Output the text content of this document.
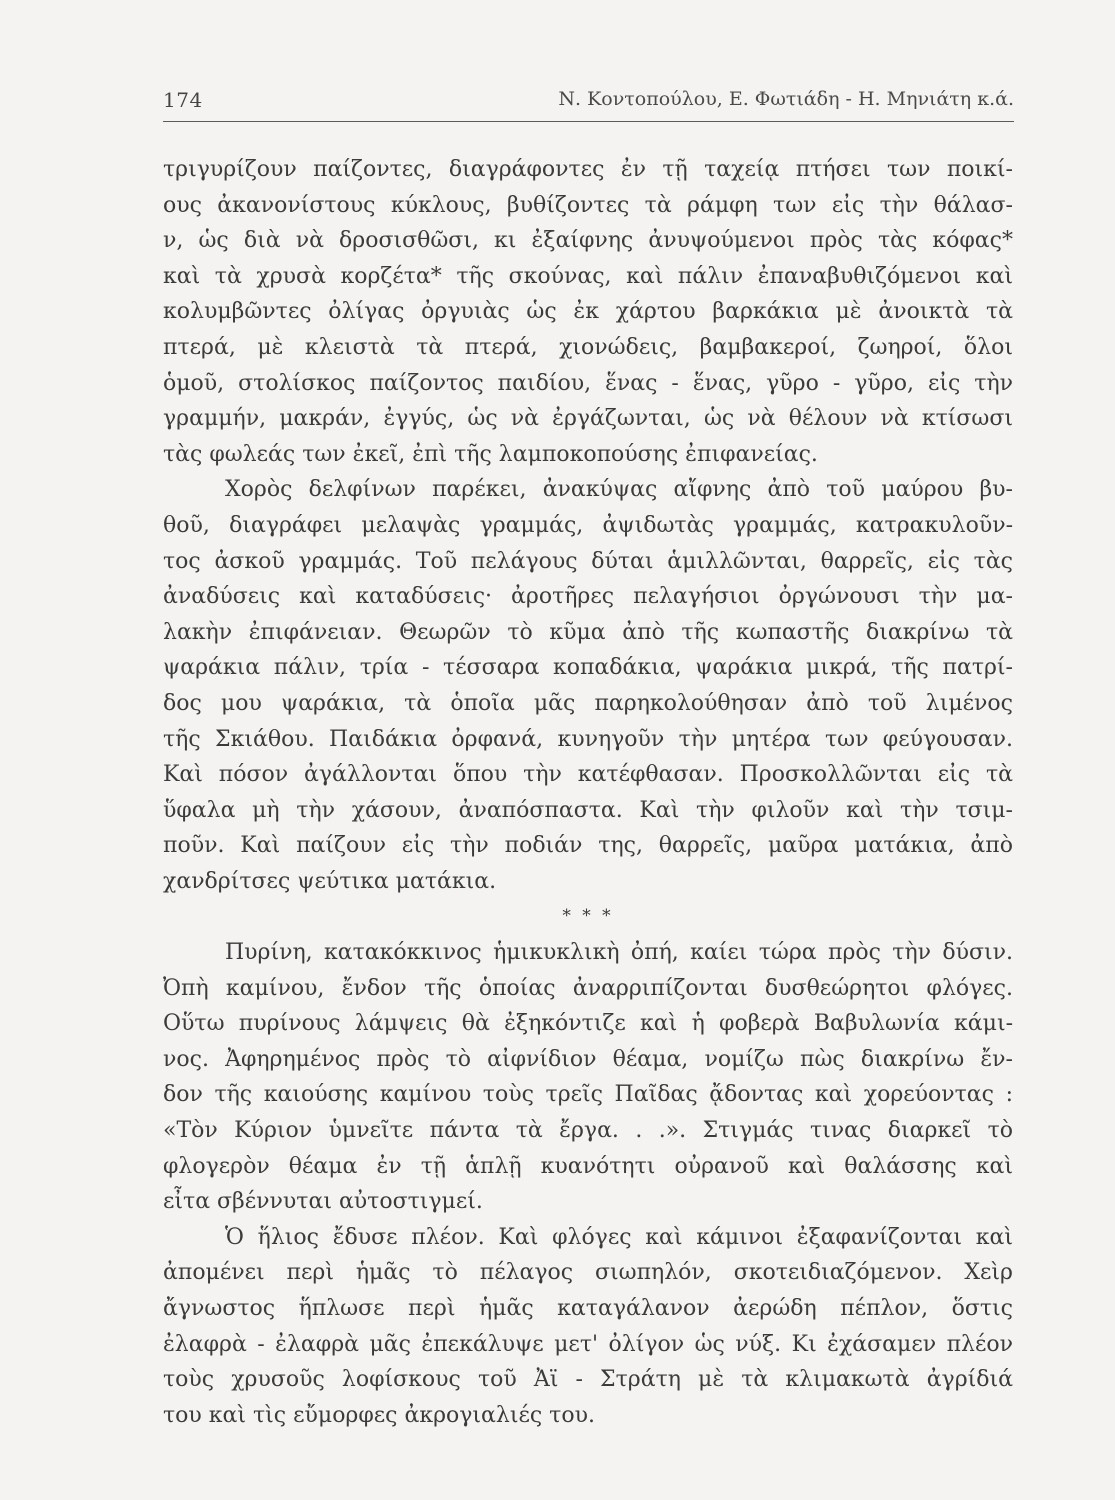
174	Ν. Κοντοπούλου, Ε. Φωτιάδη - Η. Μηνιάτη κ.ά.
τριγυρίζουν παίζοντες, διαγράφοντες ἐν τῇ ταχείᾳ πτήσει των ποικί-
ους ἀκανονίστους κύκλους, βυθίζοντες τὰ ράμφη των εἰς τὴν θάλασ-
ν, ὡς διὰ νὰ δροσισθῶσι, κι ἐξαίφνης ἀνυψούμενοι πρὸς τὰς κόφας*
καὶ τὰ χρυσὰ κορζέτα* τῆς σκούνας, καὶ πάλιν ἐπαναβυθιζόμενοι καὶ
κολυμβῶντες ὀλίγας ὀργυιὰς ὡς ἐκ χάρτου βαρκάκια μὲ ἀνοικτὰ τὰ
πτερά, μὲ κλειστὰ τὰ πτερά, χιονώδεις, βαμβακεροί, ζωηροί, ὅλοι
ὁμοῦ, στολίσκος παίζοντος παιδίου, ἕνας - ἕνας, γῦρο - γῦρο, εἰς τὴν
γραμμήν, μακράν, ἐγγύς, ὡς νὰ ἐργάζωνται, ὡς νὰ θέλουν νὰ κτίσωσι
τὰς φωλεάς των ἐκεῖ, ἐπὶ τῆς λαμποκοπούσης ἐπιφανείας.
Χορὸς δελφίνων παρέκει, ἀνακύψας αἴφνης ἀπὸ τοῦ μαύρου βυ-
θοῦ, διαγράφει μελαψὰς γραμμάς, ἀψιδωτὰς γραμμάς, κατρακυλοῦν-
τος ἀσκοῦ γραμμάς. Τοῦ πελάγους δύται ἁμιλλῶνται, θαρρεῖς, εἰς τὰς
ἀναδύσεις καὶ καταδύσεις· ἀροτῆρες πελαγήσιοι ὀργώνουσι τὴν μα-
λακὴν ἐπιφάνειαν. Θεωρῶν τὸ κῦμα ἀπὸ τῆς κωπαστῆς διακρίνω τὰ
ψαράκια πάλιν, τρία - τέσσαρα κοπαδάκια, ψαράκια μικρά, τῆς πατρί-
δος μου ψαράκια, τὰ ὁποῖα μᾶς παρηκολούθησαν ἀπὸ τοῦ λιμένος
τῆς Σκιάθου. Παιδάκια ὀρφανά, κυνηγοῦν τὴν μητέρα των φεύγουσαν.
Καὶ πόσον ἀγάλλονται ὅπου τὴν κατέφθασαν. Προσκολλῶνται εἰς τὰ
ὕφαλα μὴ τὴν χάσουν, ἀναπόσπαστα. Καὶ τὴν φιλοῦν καὶ τὴν τσιμ-
ποῦν. Καὶ παίζουν εἰς τὴν ποδιάν της, θαρρεῖς, μαῦρα ματάκια, ἀπὸ
χανδρίτσες ψεύτικα ματάκια.
* * *
Πυρίνη, κατακόκκινος ἡμικυκλικὴ ὀπή, καίει τώρα πρὸς τὴν δύσιν.
Ὀπὴ καμίνου, ἔνδον τῆς ὁποίας ἀναρριπίζονται δυσθεώρητοι φλόγες.
Οὕτω πυρίνους λάμψεις θὰ ἐξηκόντιζε καὶ ἡ φοβερὰ Βαβυλωνία κάμι-
νος. Ἀφηρημένος πρὸς τὸ αἰφνίδιον θέαμα, νομίζω πὼς διακρίνω ἔν-
δον τῆς καιούσης καμίνου τοὺς τρεῖς Παῖδας ᾄδοντας καὶ χορεύοντας :
«Τὸν Κύριον ὑμνεῖτε πάντα τὰ ἔργα. . .». Στιγμάς τινας διαρκεῖ τὸ
φλογερὸν θέαμα ἐν τῇ ἁπλῇ κυανότητι οὐρανοῦ καὶ θαλάσσης καὶ
εἶτα σβέννυται αὐτοστιγμεί.
Ὁ ἥλιος ἔδυσε πλέον. Καὶ φλόγες καὶ κάμινοι ἐξαφανίζονται καὶ
ἀπομένει περὶ ἡμᾶς τὸ πέλαγος σιωπηλόν, σκοτειδιαζόμενον. Χεὶρ
ἄγνωστος ἥπλωσε περὶ ἡμᾶς καταγάλανον ἀερώδη πέπλον, ὅστις
ἐλαφρὰ - ἐλαφρὰ μᾶς ἐπεκάλυψε μετ' ὀλίγον ὡς νύξ. Κι ἐχάσαμεν πλέον
τοὺς χρυσοῦς λοφίσκους τοῦ Ἀϊ - Στράτη μὲ τὰ κλιμακωτὰ ἀγρίδιά
του καὶ τὶς εὔμορφες ἀκρογιαλιές του.
